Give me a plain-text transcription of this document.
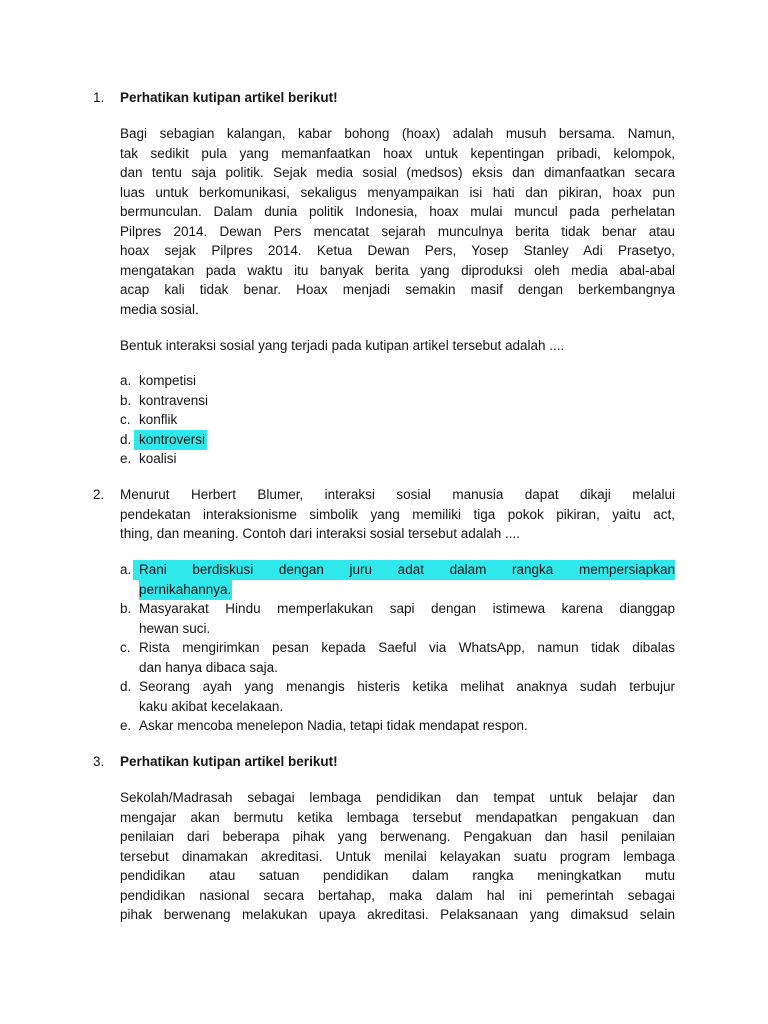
1. Perhatikan kutipan artikel berikut!
Bagi sebagian kalangan, kabar bohong (hoax) adalah musuh bersama. Namun,
tak sedikit pula yang memanfaatkan hoax untuk kepentingan pribadi, kelompok,
dan tentu saja politik. Sejak media sosial (medsos) eksis dan dimanfaatkan secara
luas untuk berkomunikasi, sekaligus menyampaikan isi hati dan pikiran, hoax pun
bermunculan. Dalam dunia politik Indonesia, hoax mulai muncul pada perhelatan
Pilpres 2014. Dewan Pers mencatat sejarah munculnya berita tidak benar atau
hoax sejak Pilpres 2014. Ketua Dewan Pers, Yosep Stanley Adi Prasetyo,
mengatakan pada waktu itu banyak berita yang diproduksi oleh media abal-abal
acap kali tidak benar. Hoax menjadi semakin masif dengan berkembangnya
media sosial.
Bentuk interaksi sosial yang terjadi pada kutipan artikel tersebut adalah ....
a. kompetisi
b. kontravensi
c. konflik
d. kontroversi
e. koalisi
2. Menurut Herbert Blumer, interaksi sosial manusia dapat dikaji melalui
pendekatan interaksionisme simbolik yang memiliki tiga pokok pikiran, yaitu act,
thing, dan meaning. Contoh dari interaksi sosial tersebut adalah ....
a. Rani berdiskusi dengan juru adat dalam rangka mempersiapkan
pernikahannya.
b. Masyarakat Hindu memperlakukan sapi dengan istimewa karena dianggap
hewan suci.
c. Rista mengirimkan pesan kepada Saeful via WhatsApp, namun tidak dibalas
dan hanya dibaca saja.
d. Seorang ayah yang menangis histeris ketika melihat anaknya sudah terbujur
kaku akibat kecelakaan.
e. Askar mencoba menelepon Nadia, tetapi tidak mendapat respon.
3. Perhatikan kutipan artikel berikut!
Sekolah/Madrasah sebagai lembaga pendidikan dan tempat untuk belajar dan
mengajar akan bermutu ketika lembaga tersebut mendapatkan pengakuan dan
penilaian dari beberapa pihak yang berwenang. Pengakuan dan hasil penilaian
tersebut dinamakan akreditasi. Untuk menilai kelayakan suatu program lembaga
pendidikan atau satuan pendidikan dalam rangka meningkatkan mutu
pendidikan nasional secara bertahap, maka dalam hal ini pemerintah sebagai
pihak berwenang melakukan upaya akreditasi. Pelaksanaan yang dimaksud selain
